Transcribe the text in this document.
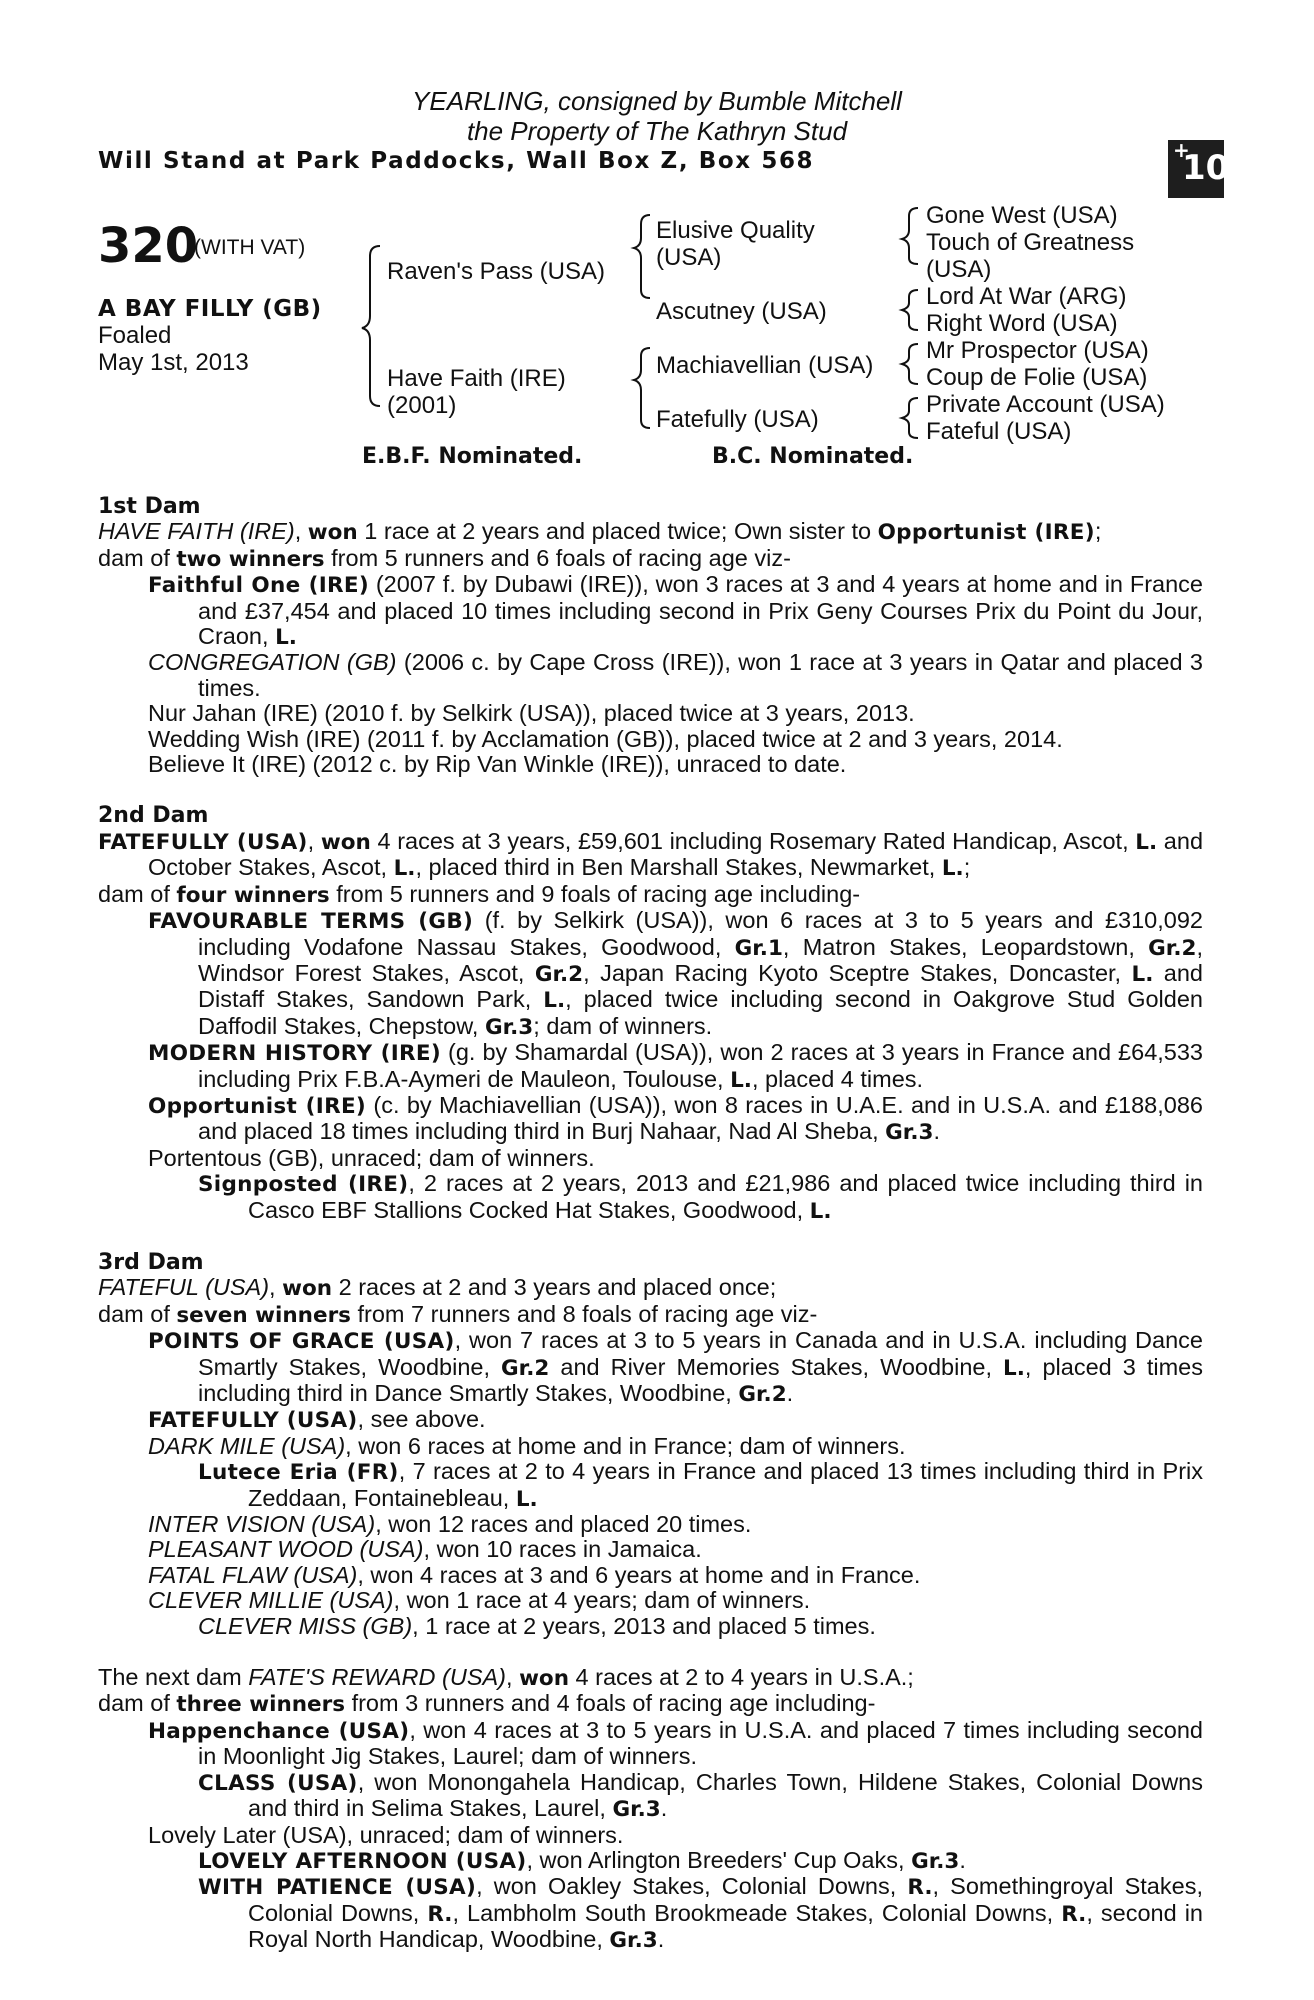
YEARLING, consigned by Bumble Mitchell
the Property of The Kathryn Stud
Will Stand at Park Paddocks, Wall Box Z, Box 568	+
10
320
(WITH VAT)
A BAY FILLY (GB)
Foaled
May 1st, 2013
Raven's Pass (USA)
Have Faith (IRE)
(2001)
Elusive Quality
(USA)
Ascutney (USA)
Machiavellian (USA)
Fatefully (USA)
Gone West (USA)
Touch of Greatness
(USA)
Lord At War (ARG)
Right Word (USA)
Mr Prospector (USA)
Coup de Folie (USA)
Private Account (USA)
Fateful (USA)
E.B.F. Nominated.	B.C. Nominated.

1st Dam

HAVE FAITH (IRE), won 1 race at 2 years and placed twice; Own sister to Opportunist (IRE);

dam of two winners from 5 runners and 6 foals of racing age viz-

Faithful One (IRE) (2007 f. by Dubawi (IRE)), won 3 races at 3 and 4 years at home and in France and £37,454 and placed 10 times including second in Prix Geny Courses Prix du Point du Jour, Craon, L.

CONGREGATION (GB) (2006 c. by Cape Cross (IRE)), won 1 race at 3 years in Qatar and placed 3 times.

Nur Jahan (IRE) (2010 f. by Selkirk (USA)), placed twice at 3 years, 2013.

Wedding Wish (IRE) (2011 f. by Acclamation (GB)), placed twice at 2 and 3 years, 2014.

Believe It (IRE) (2012 c. by Rip Van Winkle (IRE)), unraced to date.

2nd Dam

FATEFULLY (USA), won 4 races at 3 years, £59,601 including Rosemary Rated Handicap, Ascot, L. and October Stakes, Ascot, L., placed third in Ben Marshall Stakes, Newmarket, L.;

dam of four winners from 5 runners and 9 foals of racing age including-

FAVOURABLE TERMS (GB) (f. by Selkirk (USA)), won 6 races at 3 to 5 years and £310,092 including Vodafone Nassau Stakes, Goodwood, Gr.1, Matron Stakes, Leopardstown, Gr.2, Windsor Forest Stakes, Ascot, Gr.2, Japan Racing Kyoto Sceptre Stakes, Doncaster, L. and Distaff Stakes, Sandown Park, L., placed twice including second in Oakgrove Stud Golden Daffodil Stakes, Chepstow, Gr.3; dam of winners.

MODERN HISTORY (IRE) (g. by Shamardal (USA)), won 2 races at 3 years in France and £64,533 including Prix F.B.A-Aymeri de Mauleon, Toulouse, L., placed 4 times.

Opportunist (IRE) (c. by Machiavellian (USA)), won 8 races in U.A.E. and in U.S.A. and £188,086 and placed 18 times including third in Burj Nahaar, Nad Al Sheba, Gr.3.

Portentous (GB), unraced; dam of winners.

Signposted (IRE), 2 races at 2 years, 2013 and £21,986 and placed twice including third in Casco EBF Stallions Cocked Hat Stakes, Goodwood, L.

3rd Dam

FATEFUL (USA), won 2 races at 2 and 3 years and placed once;

dam of seven winners from 7 runners and 8 foals of racing age viz-

POINTS OF GRACE (USA), won 7 races at 3 to 5 years in Canada and in U.S.A. including Dance Smartly Stakes, Woodbine, Gr.2 and River Memories Stakes, Woodbine, L., placed 3 times including third in Dance Smartly Stakes, Woodbine, Gr.2.

FATEFULLY (USA), see above.

DARK MILE (USA), won 6 races at home and in France; dam of winners.

Lutece Eria (FR), 7 races at 2 to 4 years in France and placed 13 times including third in Prix Zeddaan, Fontainebleau, L.

INTER VISION (USA), won 12 races and placed 20 times.

PLEASANT WOOD (USA), won 10 races in Jamaica.

FATAL FLAW (USA), won 4 races at 3 and 6 years at home and in France.

CLEVER MILLIE (USA), won 1 race at 4 years; dam of winners.

CLEVER MISS (GB), 1 race at 2 years, 2013 and placed 5 times.

The next dam FATE'S REWARD (USA), won 4 races at 2 to 4 years in U.S.A.;

dam of three winners from 3 runners and 4 foals of racing age including-

Happenchance (USA), won 4 races at 3 to 5 years in U.S.A. and placed 7 times including second in Moonlight Jig Stakes, Laurel; dam of winners.

CLASS (USA), won Monongahela Handicap, Charles Town, Hildene Stakes, Colonial Downs and third in Selima Stakes, Laurel, Gr.3.

Lovely Later (USA), unraced; dam of winners.

LOVELY AFTERNOON (USA), won Arlington Breeders' Cup Oaks, Gr.3.

WITH PATIENCE (USA), won Oakley Stakes, Colonial Downs, R., Somethingroyal Stakes, Colonial Downs, R., Lambholm South Brookmeade Stakes, Colonial Downs, R., second in Royal North Handicap, Woodbine, Gr.3.
